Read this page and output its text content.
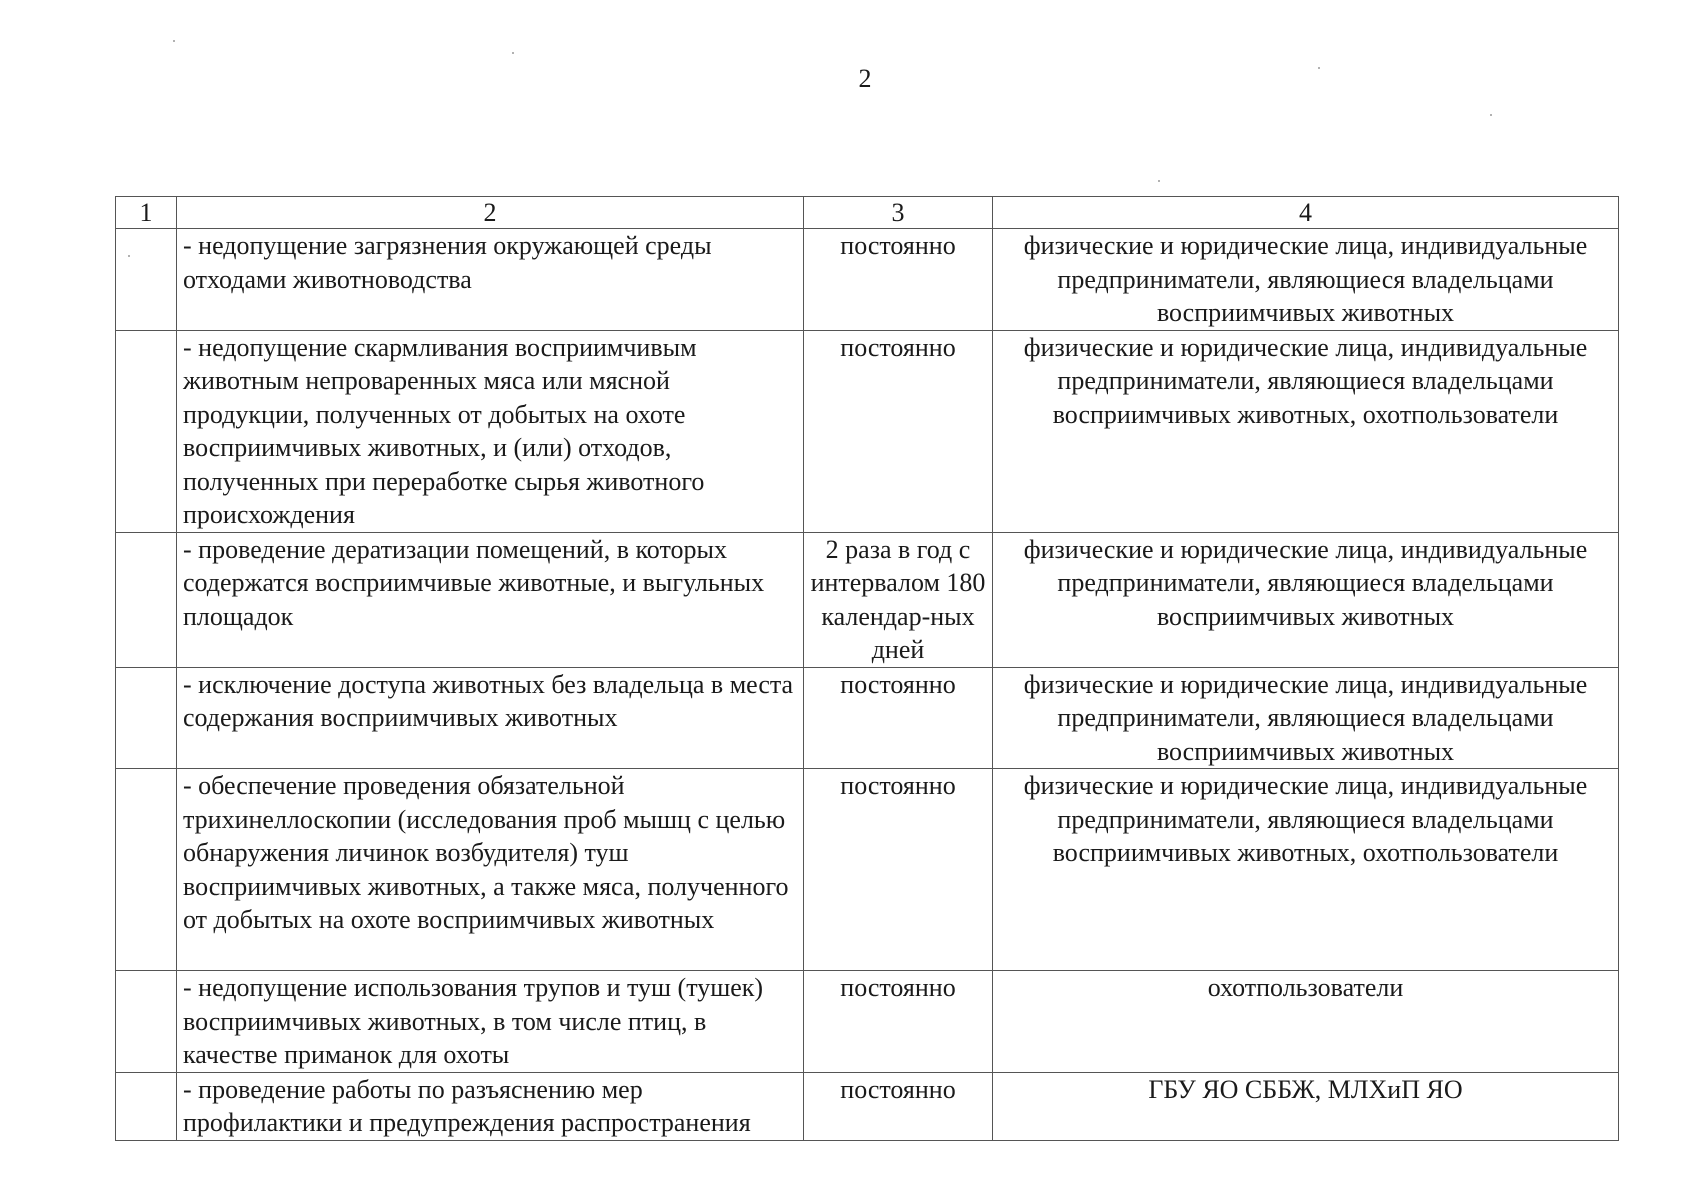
2
1	2	3	4
	- недопущение загрязнения окружающей среды отходами животноводства	постоянно	физические и юридические лица, индивидуальные предприниматели, являющиеся владельцами восприимчивых животных
	- недопущение скармливания восприимчивым животным непроваренных мяса или мясной продукции, полученных от добытых на охоте восприимчивых животных, и (или) отходов, полученных при переработке сырья животного происхождения	постоянно	физические и юридические лица, индивидуальные предприниматели, являющиеся владельцами восприимчивых животных, охотпользователи
	- проведение дератизации помещений, в которых содержатся восприимчивые животные, и выгульных площадок	2 раза в год с интервалом 180 календар-ных дней	физические и юридические лица, индивидуальные предприниматели, являющиеся владельцами восприимчивых животных
	- исключение доступа животных без владельца в места содержания восприимчивых животных	постоянно	физические и юридические лица, индивидуальные предприниматели, являющиеся владельцами восприимчивых животных
	- обеспечение проведения обязательной трихинеллоскопии (исследования проб мышц с целью обнаружения личинок возбудителя) туш восприимчивых животных, а также мяса, полученного от добытых на охоте восприимчивых животных	постоянно	физические и юридические лица, индивидуальные предприниматели, являющиеся владельцами восприимчивых животных, охотпользователи
	- недопущение использования трупов и туш (тушек) восприимчивых животных, в том числе птиц, в качестве приманок для охоты	постоянно	охотпользователи
	- проведение работы по разъяснению мер профилактики и предупреждения распространения	постоянно	ГБУ ЯО СББЖ, МЛХиП ЯО
